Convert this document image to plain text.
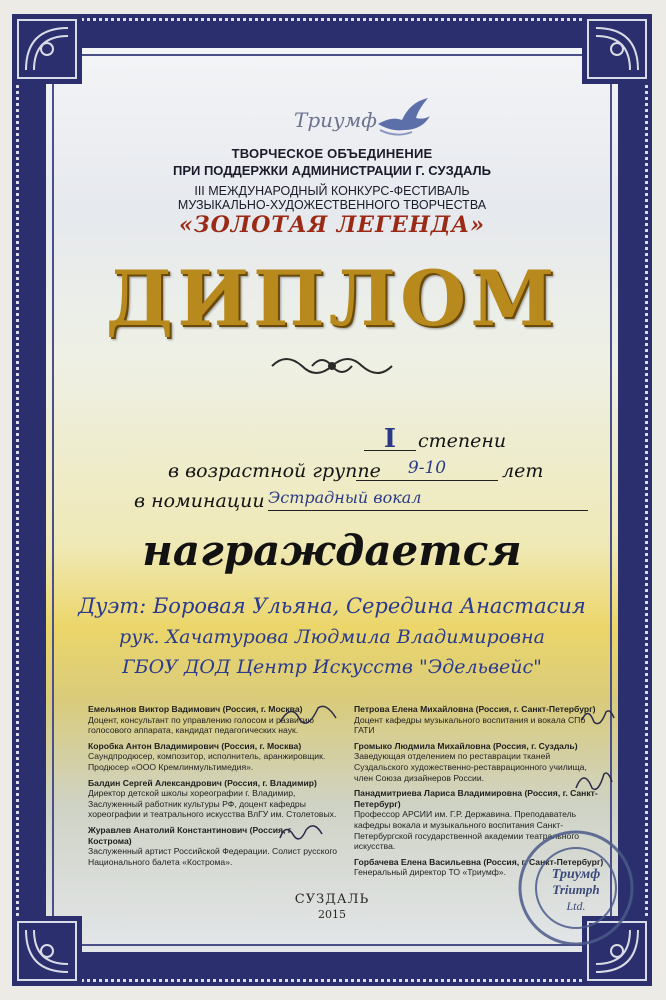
Триумф
ТВОРЧЕСКОЕ ОБЪЕДИНЕНИЕ
ПРИ ПОДДЕРЖКИ АДМИНИСТРАЦИИ Г. СУЗДАЛЬ
III МЕЖДУНАРОДНЫЙ КОНКУРС-ФЕСТИВАЛЬ
МУЗЫКАЛЬНО-ХУДОЖЕСТВЕННОГО ТВОРЧЕСТВА
«ЗОЛОТАЯ ЛЕГЕНДА»
ДИПЛОМ
I	степени
в возрастной группе	9-10	лет
в номинации Эстрадный вокал
награждается
Дуэт: Боровая Ульяна, Середина Анастасия
рук. Хачатурова Людмила Владимировна
ГБОУ ДОД Центр Искусств "Эдельвейс"
Емельянов Виктор Вадимович (Россия, г. Москва)
Доцент, консультант по управлению голосом и развитию голосового аппарата, кандидат педагогических наук.
Коробка Антон Владимирович (Россия, г. Москва)
Саундпродюсер, композитор, исполнитель, аранжировщик. Продюсер «ООО Кремлинмультимедия».
Балдин Сергей Александрович (Россия, г. Владимир)
Директор детской школы хореографии г. Владимир, Заслуженный работник культуры РФ, доцент кафедры хореографии и театрального искусства ВлГУ им. Столетовых.
Журавлев Анатолий Константинович (Россия, г. Кострома)
Заслуженный артист Российской Федерации. Солист русского Национального балета «Кострома».
Петрова Елена Михайловна (Россия, г. Санкт-Петербург)
Доцент кафедры музыкального воспитания и вокала СПб ГАТИ
Громыко Людмила Михайловна (Россия, г. Суздаль)
Заведующая отделением по реставрации тканей Суздальского художественно-реставрационного училища, член Союза дизайнеров России.
Панадмитриева Лариса Владимировна (Россия, г. Санкт-Петербург)
Профессор АРСИИ им. Г.Р. Державина. Преподаватель кафедры вокала и музыкального воспитания Санкт-Петербургской государственной академии театрального искусства.
Горбачева Елена Васильевна (Россия, г. Санкт-Петербург)
Генеральный директор ТО «Триумф».	Триумф
Triumph
Ltd.
СУЗДАЛЬ
2015
